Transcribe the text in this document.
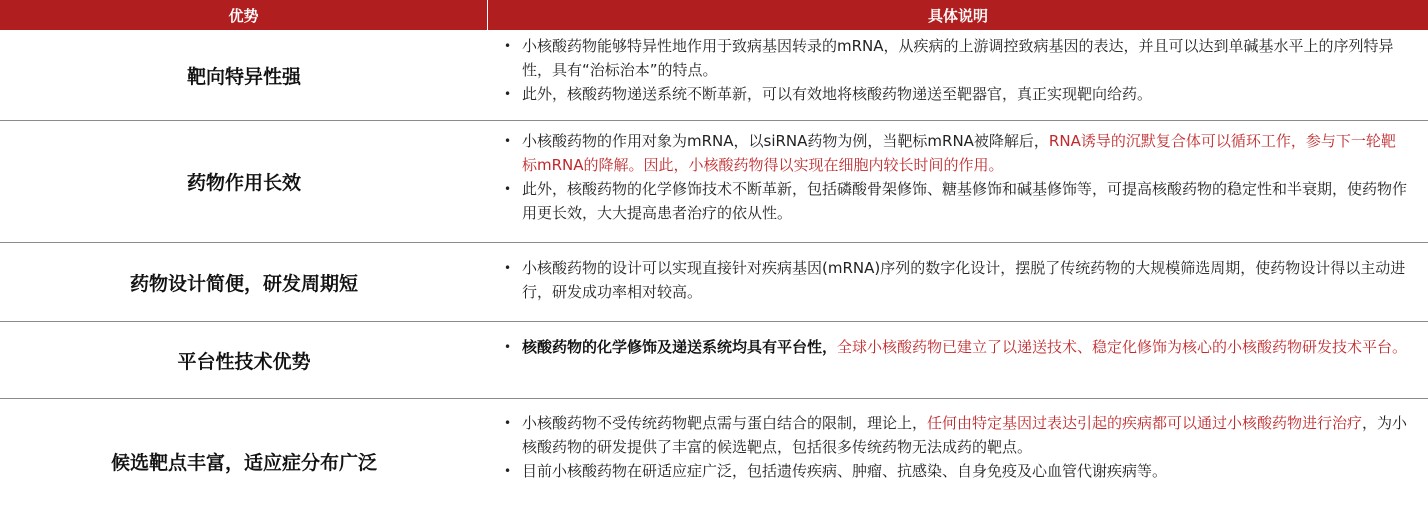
优势	具体说明
靶向特异性强
• 小核酸药物能够特异性地作用于致病基因转录的mRNA，从疾病的上游调控致病基因的表达，并且可以达到单碱基水平上的序列特异性，具有“治标治本”的特点。
• 此外，核酸药物递送系统不断革新，可以有效地将核酸药物递送至靶器官，真正实现靶向给药。
药物作用长效
• 小核酸药物的作用对象为mRNA，以siRNA药物为例，当靶标mRNA被降解后，RNA诱导的沉默复合体可以循环工作，参与下一轮靶标mRNA的降解。因此，小核酸药物得以实现在细胞内较长时间的作用。
• 此外，核酸药物的化学修饰技术不断革新，包括磷酸骨架修饰、糖基修饰和碱基修饰等，可提高核酸药物的稳定性和半衰期，使药物作用更长效，大大提高患者治疗的依从性。
药物设计简便，研发周期短
• 小核酸药物的设计可以实现直接针对疾病基因(mRNA)序列的数字化设计，摆脱了传统药物的大规模筛选周期，使药物设计得以主动进行，研发成功率相对较高。
平台性技术优势
• 核酸药物的化学修饰及递送系统均具有平台性，全球小核酸药物已建立了以递送技术、稳定化修饰为核心的小核酸药物研发技术平台。
候选靶点丰富，适应症分布广泛
• 小核酸药物不受传统药物靶点需与蛋白结合的限制，理论上，任何由特定基因过表达引起的疾病都可以通过小核酸药物进行治疗，为小核酸药物的研发提供了丰富的候选靶点，包括很多传统药物无法成药的靶点。
• 目前小核酸药物在研适应症广泛，包括遗传疾病、肿瘤、抗感染、自身免疫及心血管代谢疾病等。
